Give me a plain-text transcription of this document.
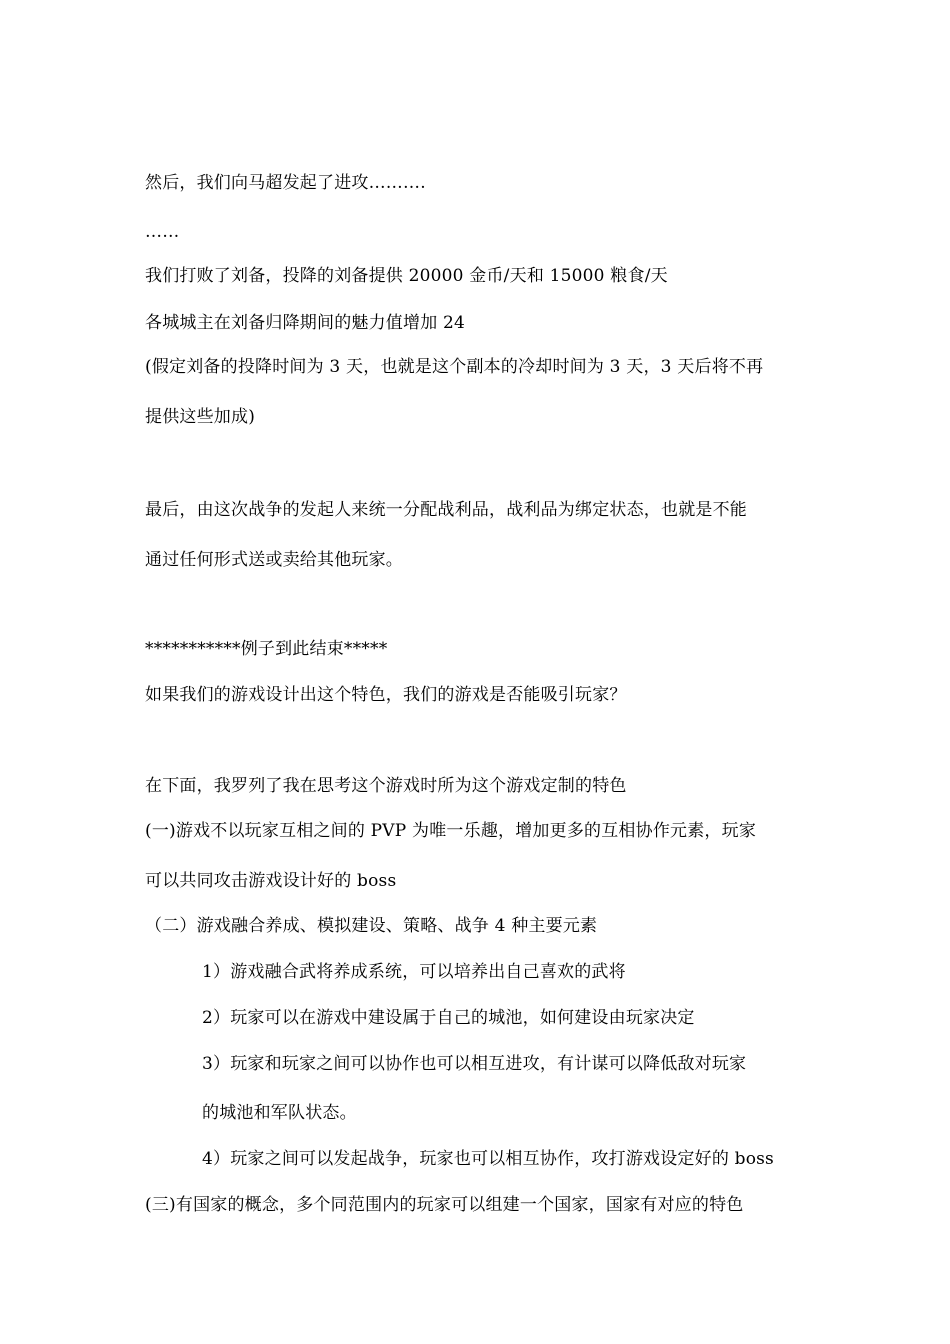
然后，我们向马超发起了进攻……….
……
我们打败了刘备，投降的刘备提供 20000 金币/天和 15000 粮食/天
各城城主在刘备归降期间的魅力值增加 24
(假定刘备的投降时间为 3 天，也就是这个副本的冷却时间为 3 天，3 天后将不再
提供这些加成)
最后，由这次战争的发起人来统一分配战利品，战利品为绑定状态，也就是不能
通过任何形式送或卖给其他玩家。
***********例子到此结束*****
如果我们的游戏设计出这个特色，我们的游戏是否能吸引玩家？
在下面，我罗列了我在思考这个游戏时所为这个游戏定制的特色
(一)游戏不以玩家互相之间的 PVP 为唯一乐趣，增加更多的互相协作元素，玩家
可以共同攻击游戏设计好的 boss
（二）游戏融合养成、模拟建设、策略、战争 4 种主要元素
1）游戏融合武将养成系统，可以培养出自己喜欢的武将
2）玩家可以在游戏中建设属于自己的城池，如何建设由玩家决定
3）玩家和玩家之间可以协作也可以相互进攻，有计谋可以降低敌对玩家
的城池和军队状态。
4）玩家之间可以发起战争，玩家也可以相互协作，攻打游戏设定好的 boss
(三)有国家的概念，多个同范围内的玩家可以组建一个国家，国家有对应的特色
